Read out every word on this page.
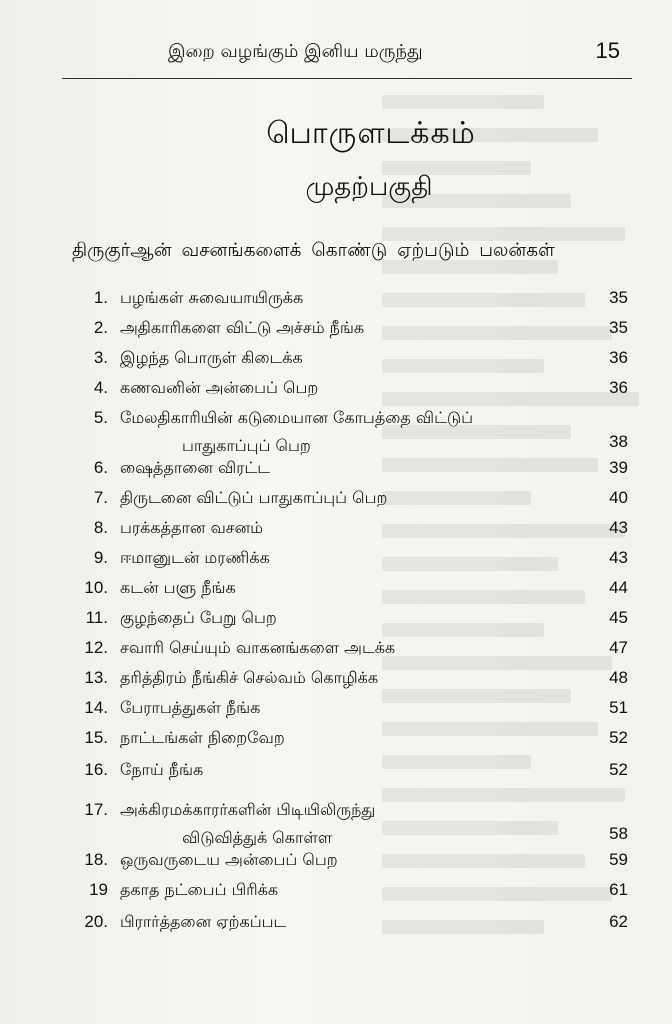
இறை வழங்கும் இனிய மருந்து	15
பொருளடக்கம்
முதற்பகுதி
திருகுர்ஆன் வசனங்களைக் கொண்டு ஏற்படும் பலன்கள்
1. பழங்கள் சுவையாயிருக்க	35
2. அதிகாரிகளை விட்டு அச்சம் நீங்க	35
3. இழந்த பொருள் கிடைக்க	36
4. கணவனின் அன்பைப் பெற	36
5. மேலதிகாரியின் கடுமையான கோபத்தை விட்டுப்
பாதுகாப்புப் பெற	38
6. ஷைத்தானை விரட்ட	39
7. திருடனை விட்டுப் பாதுகாப்புப் பெற	40
8. பரக்கத்தான வசனம்	43
9. ஈமானுடன் மரணிக்க	43
10. கடன் பளு நீங்க	44
11. குழந்தைப் பேறு பெற	45
12. சவாரி செய்யும் வாகனங்களை அடக்க	47
13. தரித்திரம் நீங்கிச் செல்வம் கொழிக்க	48
14. பேராபத்துகள் நீங்க	51
15. நாட்டங்கள் நிறைவேற	52
16. நோய் நீங்க	52
17. அக்கிரமக்காரர்களின் பிடியிலிருந்து
விடுவித்துக் கொள்ள	58
18. ஒருவருடைய அன்பைப் பெற	59
19 தகாத நட்பைப் பிரிக்க	61
20. பிரார்த்தனை ஏற்கப்பட	62
